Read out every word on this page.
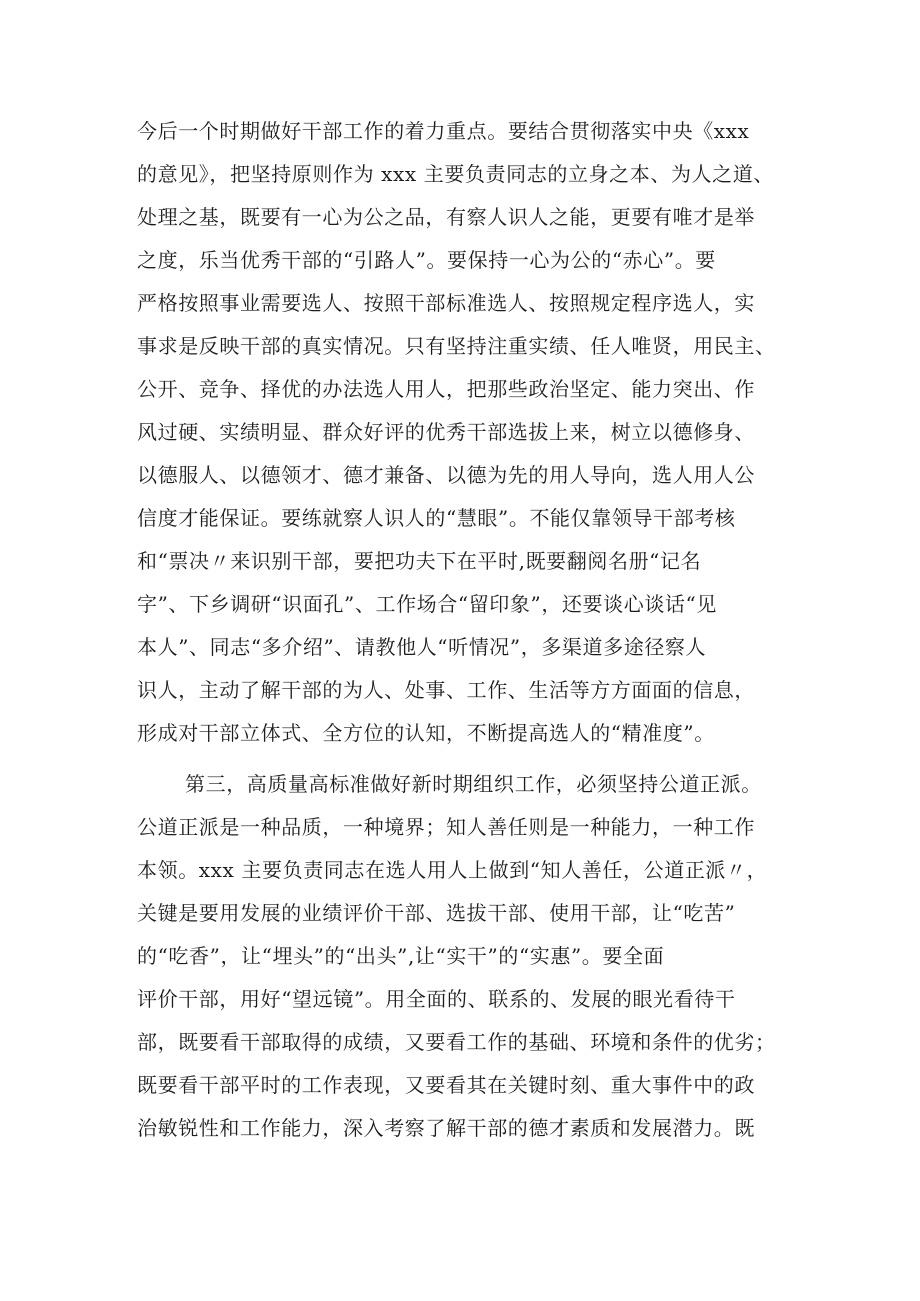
今后一个时期做好干部工作的着力重点。要结合贯彻落实中央《xxx
的意见》，把坚持原则作为 xxx 主要负责同志的立身之本、为人之道、
处理之基，既要有一心为公之品，有察人识人之能，更要有唯才是举
之度，乐当优秀干部的“引路人”。要保持一心为公的“赤心”。要
严格按照事业需要选人、按照干部标准选人、按照规定程序选人，实
事求是反映干部的真实情况。只有坚持注重实绩、任人唯贤，用民主、
公开、竞争、择优的办法选人用人，把那些政治坚定、能力突出、作
风过硬、实绩明显、群众好评的优秀干部选拔上来，树立以德修身、
以德服人、以德领才、德才兼备、以德为先的用人导向，选人用人公
信度才能保证。要练就察人识人的“慧眼”。不能仅靠领导干部考核
和“票决〃来识别干部，要把功夫下在平时,既要翻阅名册“记名
字”、下乡调研“识面孔”、工作场合“留印象”，还要谈心谈话“见
本人”、同志“多介绍”、请教他人“听情况”，多渠道多途径察人
识人，主动了解干部的为人、处事、工作、生活等方方面面的信息，
形成对干部立体式、全方位的认知，不断提高选人的“精准度”。
第三，高质量高标准做好新时期组织工作，必须坚持公道正派。
公道正派是一种品质，一种境界；知人善任则是一种能力，一种工作
本领。xxx 主要负责同志在选人用人上做到“知人善任，公道正派〃，
关键是要用发展的业绩评价干部、选拔干部、使用干部，让“吃苦”
的“吃香”，让“埋头”的“出头”,让“实干”的“实惠”。要全面
评价干部，用好“望远镜”。用全面的、联系的、发展的眼光看待干
部，既要看干部取得的成绩，又要看工作的基础、环境和条件的优劣；
既要看干部平时的工作表现，又要看其在关键时刻、重大事件中的政
治敏锐性和工作能力，深入考察了解干部的德才素质和发展潜力。既
